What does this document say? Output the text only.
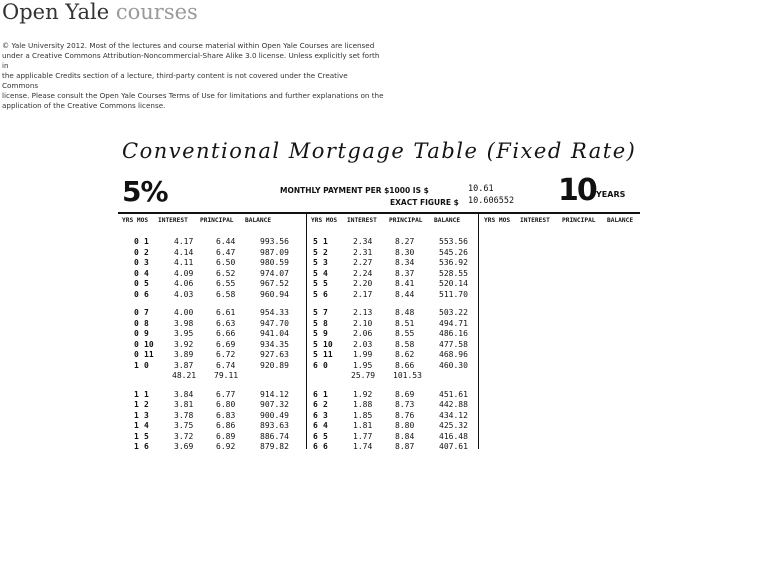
Open Yale courses
© Yale University 2012. Most of the lectures and course material within Open Yale Courses are licensed
under a Creative Commons Attribution-Noncommercial-Share Alike 3.0 license. Unless explicitly set forth in
the applicable Credits section of a lecture, third-party content is not covered under the Creative Commons
license. Please consult the Open Yale Courses Terms of Use for limitations and further explanations on the
application of the Creative Commons license.
Conventional Mortgage Table (Fixed Rate)
5%	MONTHLY PAYMENT PER $1000 IS $	10.61
EXACT FIGURE $ 10.606552 10 YEARS
YRS MOS INTEREST PRINCIPAL BALANCE	YRS MOS INTEREST PRINCIPAL BALANCE	YRS MOS INTEREST PRINCIPAL BALANCE
0 1	4.17	6.44	993.56
0 2	4.14	6.47	987.09
0 3	4.11	6.50	980.59
0 4	4.09	6.52	974.07
0 5	4.06	6.55	967.52
0 6	4.03	6.58	960.94
0 7	4.00	6.61	954.33
0 8	3.98	6.63	947.70
0 9	3.95	6.66	941.04
0 10	3.92	6.69	934.35
0 11	3.89	6.72	927.63
1 0	3.87	6.74	920.89
48.21 79.11
1 1	3.84	6.77	914.12
1 2	3.81	6.80	907.32
1 3	3.78	6.83	900.49
1 4	3.75	6.86	893.63
1 5	3.72	6.89	886.74
1 6	3.69	6.92	879.82
5 1	2.34	8.27	553.56
5 2	2.31	8.30	545.26
5 3	2.27	8.34	536.92
5 4	2.24	8.37	528.55
5 5	2.20	8.41	520.14
5 6	2.17	8.44	511.70
5 7	2.13	8.48	503.22
5 8	2.10	8.51	494.71
5 9	2.06	8.55	486.16
5 10	2.03	8.58	477.58
5 11	1.99	8.62	468.96
6 0	1.95	8.66	460.30
25.79 101.53
6 1	1.92	8.69	451.61
6 2	1.88	8.73	442.88
6 3	1.85	8.76	434.12
6 4	1.81	8.80	425.32
6 5	1.77	8.84	416.48
6 6	1.74	8.87	407.61
